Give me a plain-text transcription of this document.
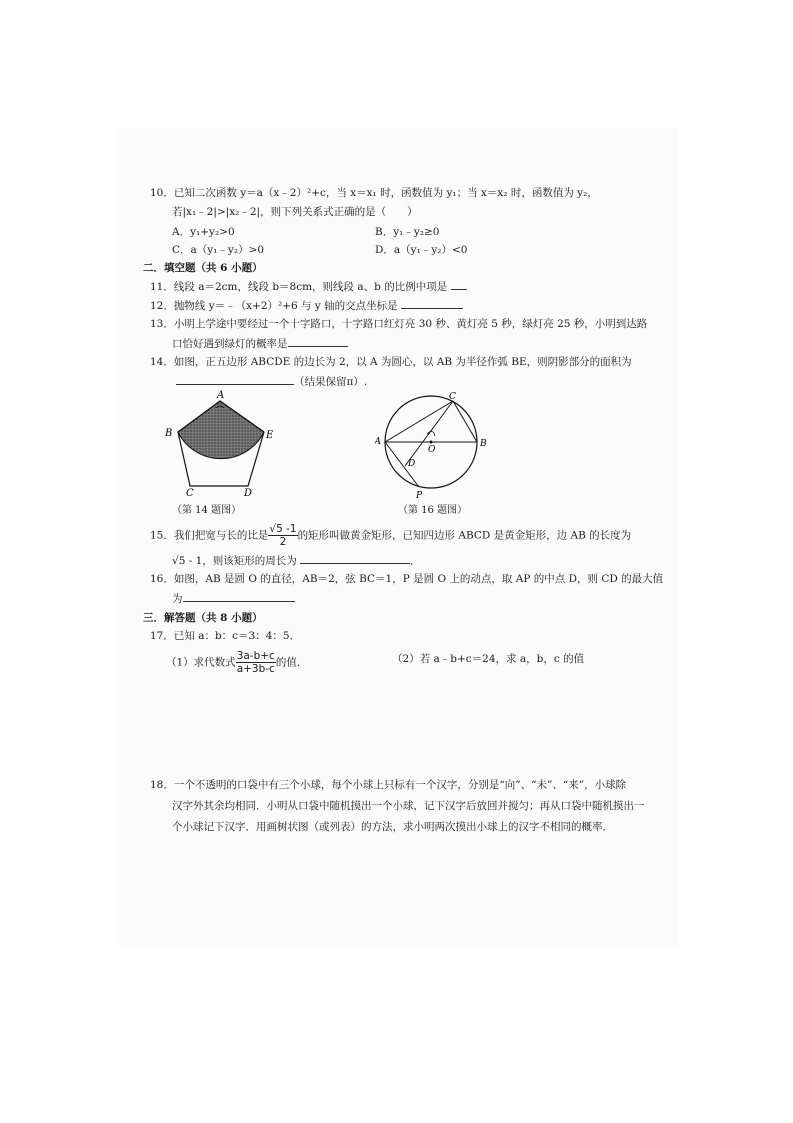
10．已知二次函数 y＝a（x﹣2）²+c，当 x＝x₁ 时，函数值为 y₁；当 x＝x₂ 时，函数值为 y₂，
若|x₁﹣2|>|x₂﹣2|，则下列关系式正确的是（　　）
A．y₁+y₂>0	B．y₁﹣y₂≥0
C．a（y₁﹣y₂）>0	D．a（y₁﹣y₂）<0
二．填空题（共 6 小题）
11．线段 a＝2cm，线段 b＝8cm，则线段 a、b 的比例中项是
12．抛物线 y＝﹣（x+2）²+6 与 y 轴的交点坐标是
13．小明上学途中要经过一个十字路口，十字路口红灯亮 30 秒、黄灯亮 5 秒，绿灯亮 25 秒，小明到达路
口恰好遇到绿灯的概率是
14．如图，正五边形 ABCDE 的边长为 2，以 A 为圆心，以 AB 为半径作弧 BE，则阴影部分的面积为
（结果保留π）.
A
B	E
C	D
（第 14 题图）
A	B
C
D
O
P
（第 16 题图）
15．我们把宽与长的比是 $\frac{√5 -1}{2}$ 的矩形叫做黄金矩形，已知四边形 ABCD 是黄金矩形，边 AB 的长度为
√5 - 1，则该矩形的周长为	．
16．如图，AB 是圆 O 的直径，AB＝2，弦 BC＝1，P 是圆 O 上的动点，取 AP 的中点 D，则 CD 的最大值
为
三．解答题（共 8 小题）
17．已知 a：b：c＝3：4：5．
（1）求代数式 $\frac{3a-b+c}{a+3b-c}$ 的值．	（2）若 a﹣b+c＝24，求 a，b，c 的值
18．一个不透明的口袋中有三个小球，每个小球上只标有一个汉字，分别是“向”、“未”、“来”，小球除
汉字外其余均相同．小明从口袋中随机摸出一个小球，记下汉字后放回并搅匀；再从口袋中随机摸出一
个小球记下汉字．用画树状图（或列表）的方法，求小明两次摸出小球上的汉字不相同的概率．
